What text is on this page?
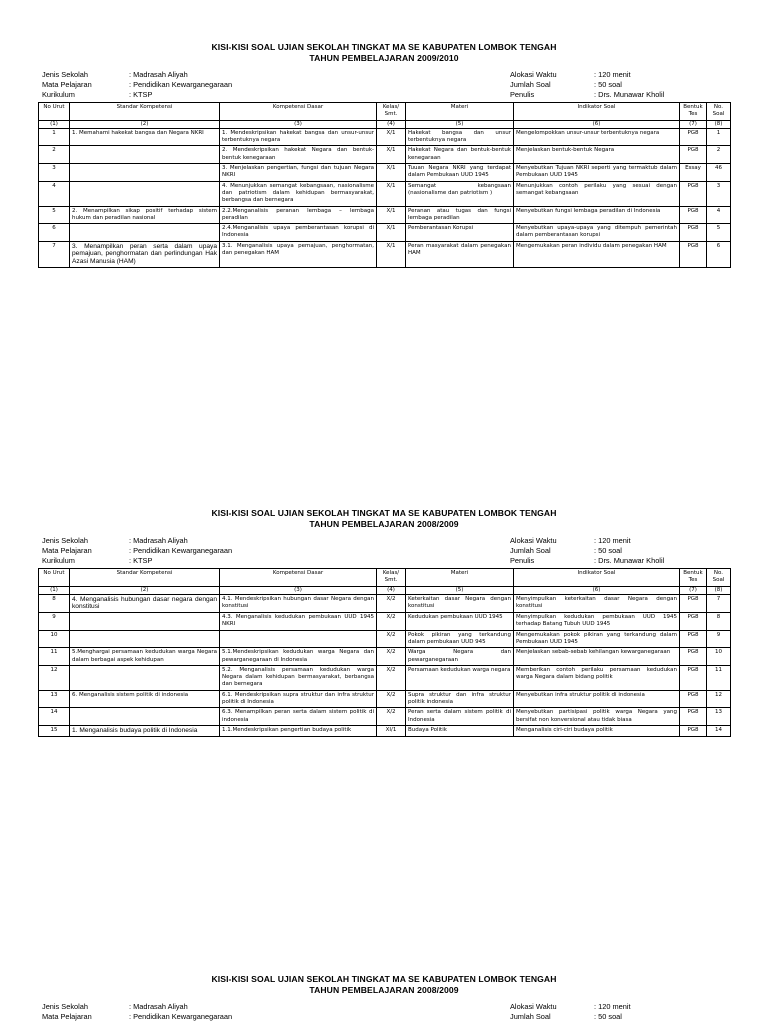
KISI-KISI SOAL UJIAN SEKOLAH TINGKAT MA SE KABUPATEN LOMBOK TENGAH
TAHUN PEMBELAJARAN 2009/2010
Jenis Sekolah	: Madrasah Aliyah
Mata Pelajaran	: Pendidikan Kewarganegaraan
Kurikulum	: KTSP
Alokasi Waktu	: 120 menit
Jumlah Soal	: 50 soal
Penulis	: Drs. Munawar Kholil
No Urut	Standar Kompetensi	Kompetensi Dasar	Kelas/ Smt.	Materi	Indikator Soal	Bentuk Tes	No. Soal
(1)	(2)	(3)	(4)	(5)	(6)	(7)	(8)
1	1. Memahami hakekat bangsa dan Negara NKRI	1. Mendeskripsikan hakekat bangsa dan unsur-unsur terbentuknya negara	X/1	Hakekat bangsa dan unsur terbentuknya negara	Mengelompokkan unsur-unsur terbentuknya negara	PG8	1
2		2. Mendeskripsikan hakekat Negara dan bentuk-bentuk kenegaraan	X/1	Hakekat Negara dan bentuk-bentuk kenegaraan	Menjelaskan bentuk-bentuk Negara	PG8	2
3		3. Menjelaskan pengertian, fungsi dan tujuan Negara NKRI	X/1	Tuuan Negara NKRI yang terdapat dalam Pembukaan UUD 1945	Menyebutkan Tujuan NKRI seperti yang termaktub dalam Pembukaan UUD 1945	Essay	46
4		4. Menunjukkan semangat kebangsaan, nasionalisme dan patriotism dalam kehidupan bermasyarakat, berbangsa dan bernegara	X/1	Semangat kebangsaan (nasionalisme dan patriotism )	Menunjukkan contoh perilaku yang sesuai dengan semangat kebangsaan	PG8	3
5	2. Menampilkan sikap positif terhadap sistem hukum dan peradilan nasional	2.2.Menganalisis peranan lembaga – lembaga peradilan	X/1	Peranan atau tugas dan fungsi lembaga peradilan	Menyebutkan fungsi lembaga peradilan di Indonesia	PG8	4
6		2.4.Menganalisis upaya pemberantasan korupsi di Indonesia	X/1	Pemberantasan Korupsi	Menyebutkan upaya-upaya yang ditempuh pemerintah dalam pemberantasan korupsi	PG8	5
7	3. Menampilkan peran serta dalam upaya pemajuan, penghormatan dan perlindungan Hak Azasi Manusia (HAM)	3.1. Menganalisis upaya pemajuan, penghormatan, dan penegakan HAM	X/1	Peran masyarakat dalam penegakan HAM	Mengemukakan peran individu dalam penegakan HAM	PG8	6
KISI-KISI SOAL UJIAN SEKOLAH TINGKAT MA SE KABUPATEN LOMBOK TENGAH
TAHUN PEMBELAJARAN 2008/2009
Jenis Sekolah	: Madrasah Aliyah
Mata Pelajaran	: Pendidikan Kewarganegaraan
Kurikulum	: KTSP
Alokasi Waktu	: 120 menit
Jumlah Soal	: 50 soal
Penulis	: Drs. Munawar Kholil
No Urut	Standar Kompetensi	Kompetensi Dasar	Kelas/ Smt.	Materi	Indikator Soal	Bentuk Tes	No. Soal
(1)	(2)	(3)	(4)	(5)	(6)	(7)	(8)
8	4. Menganalisis hubungan dasar negara dengan konstitusi	4.1. Mendeskripsikan hubungan dasar Negara dengan konstitusi	X/2	Keterkaitan dasar Negara dengan konstitusi	Menyimpulkan keterkaitan dasar Negara dengan konstitusi	PG8	7
9		4.3. Menganalisis kedudukan pembukaan UUD 1945 NKRI	X/2	Kedudukan pembukaan UUD 1945	Menyimpulkan kedudukan pembukaan UUD 1945 terhadap Batang Tubuh UUD 1945	PG8	8
10			X/2	Pokok pikiran yang terkandung dalam pembukaan UUD 945	Mengemukakan pokok pikiran yang terkandung dalam Pembukaan UUD 1945	PG8	9
11	5.Menghargai persamaan kedudukan warga Negara dalam berbagai aspek kehidupan	5.1.Mendeskripsikan kedudukan warga Negara dan pewarganegaraan di Indonesia	X/2	Warga Negara dan pewarganegaraan	Menjelaskan sebab-sebab kehilangan kewarganegaraan	PG8	10
12		5.2. Menganalisis persamaan kedudukan warga Negara dalam kehidupan bermasyarakat, berbangsa dan bernegara	X/2	Persamaan kedudukan warga negara	Memberikan contoh perilaku persamaan kedudukan warga Negara dalam bidang politik	PG8	11
13	6. Menganalisis sistem politik di indonesia	6.1. Mendeskripsikan supra struktur dan infra struktur politik di Indonesia	X/2	Supra struktur dan infra struktur politik indonesia	Menyebutkan infra struktur politik di indonesia	PG8	12
14		6.3. Menampilkan peran serta dalam sistem politik di indonesia	X/2	Peran serta dalam sistem politik di Indonesia	Menyebutkan partisipasi politik warga Negara yang bersifat non konversional atau tidak biasa	PG8	13
15	1. Menganalisis budaya politik di Indonesia	1.1.Mendeskripsikan pengertian budaya politik	XI/1	Budaya Politik	Menganalisis ciri-ciri budaya politik	PG8	14
KISI-KISI SOAL UJIAN SEKOLAH TINGKAT MA SE KABUPATEN LOMBOK TENGAH
TAHUN PEMBELAJARAN 2008/2009
Jenis Sekolah	: Madrasah Aliyah
Mata Pelajaran	: Pendidikan Kewarganegaraan
Alokasi Waktu	: 120 menit
Jumlah Soal	: 50 soal
